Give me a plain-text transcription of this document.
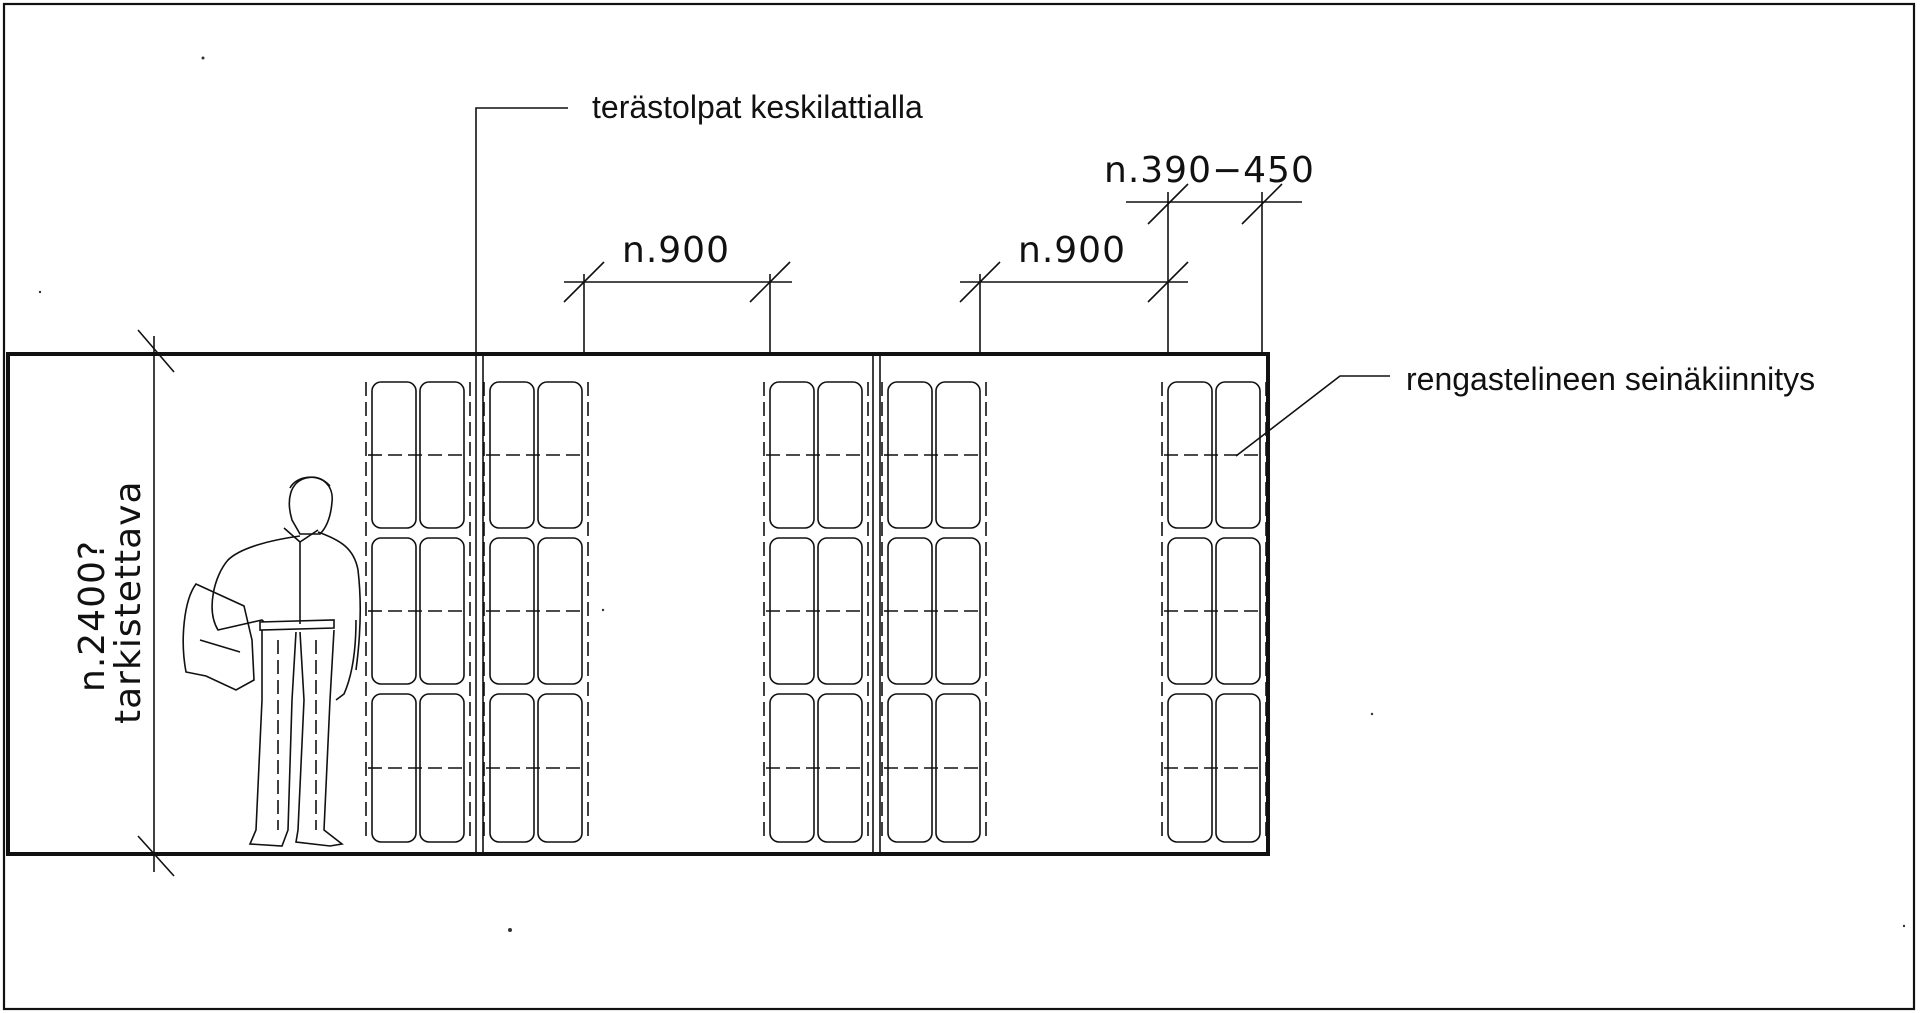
terästolpat keskilattialla
rengastelineen seinäkiinnitys
n.2400?
tarkistettava
n.900	n.900
n.390−450
